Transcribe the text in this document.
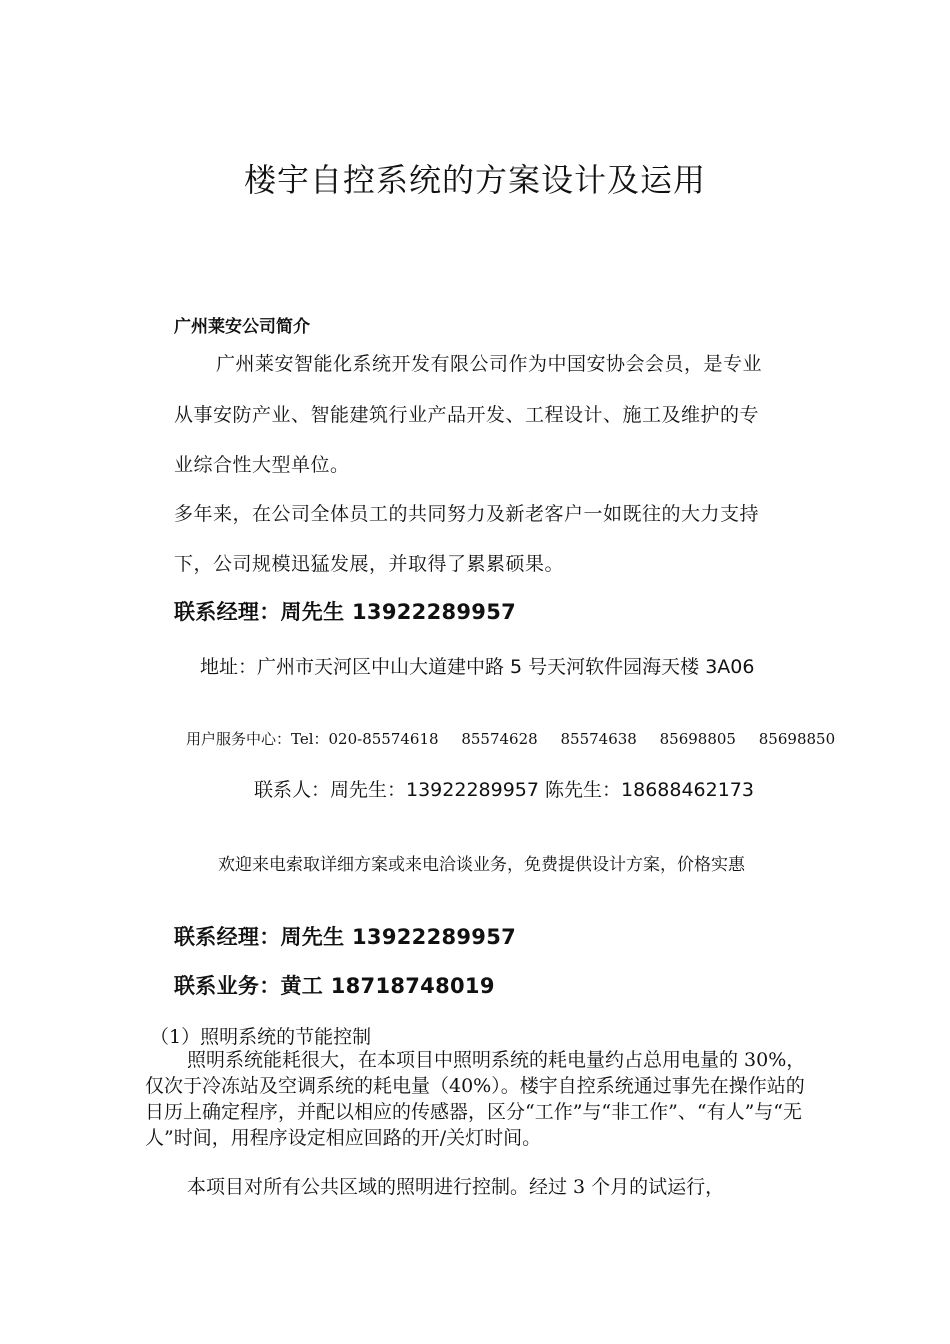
楼宇自控系统的方案设计及运用
广州莱安公司简介
广州莱安智能化系统开发有限公司作为中国安协会会员，是专业
从事安防产业、智能建筑行业产品开发、工程设计、施工及维护的专
业综合性大型单位。
多年来，在公司全体员工的共同努力及新老客户一如既往的大力支持
下，公司规模迅猛发展，并取得了累累硕果。
联系经理：周先生 13922289957
地址：广州市天河区中山大道建中路 5 号天河软件园海天楼 3A06
用户服务中心：Tel：020-85574618 85574628 85574638 85698805 85698850
联系人：周先生：13922289957 陈先生：18688462173
欢迎来电索取详细方案或来电洽谈业务，免费提供设计方案，价格实惠
联系经理：周先生 13922289957
联系业务：黄工 18718748019
（1）照明系统的节能控制
照明系统能耗很大，在本项目中照明系统的耗电量约占总用电量的 30%，仅次于冷冻站及空调系统的耗电量（40%）。楼宇自控系统通过事先在操作站的日历上确定程序，并配以相应的传感器，区分“工作”与“非工作”、“有人”与“无人”时间，用程序设定相应回路的开/关灯时间。
本项目对所有公共区域的照明进行控制。经过 3 个月的试运行，
